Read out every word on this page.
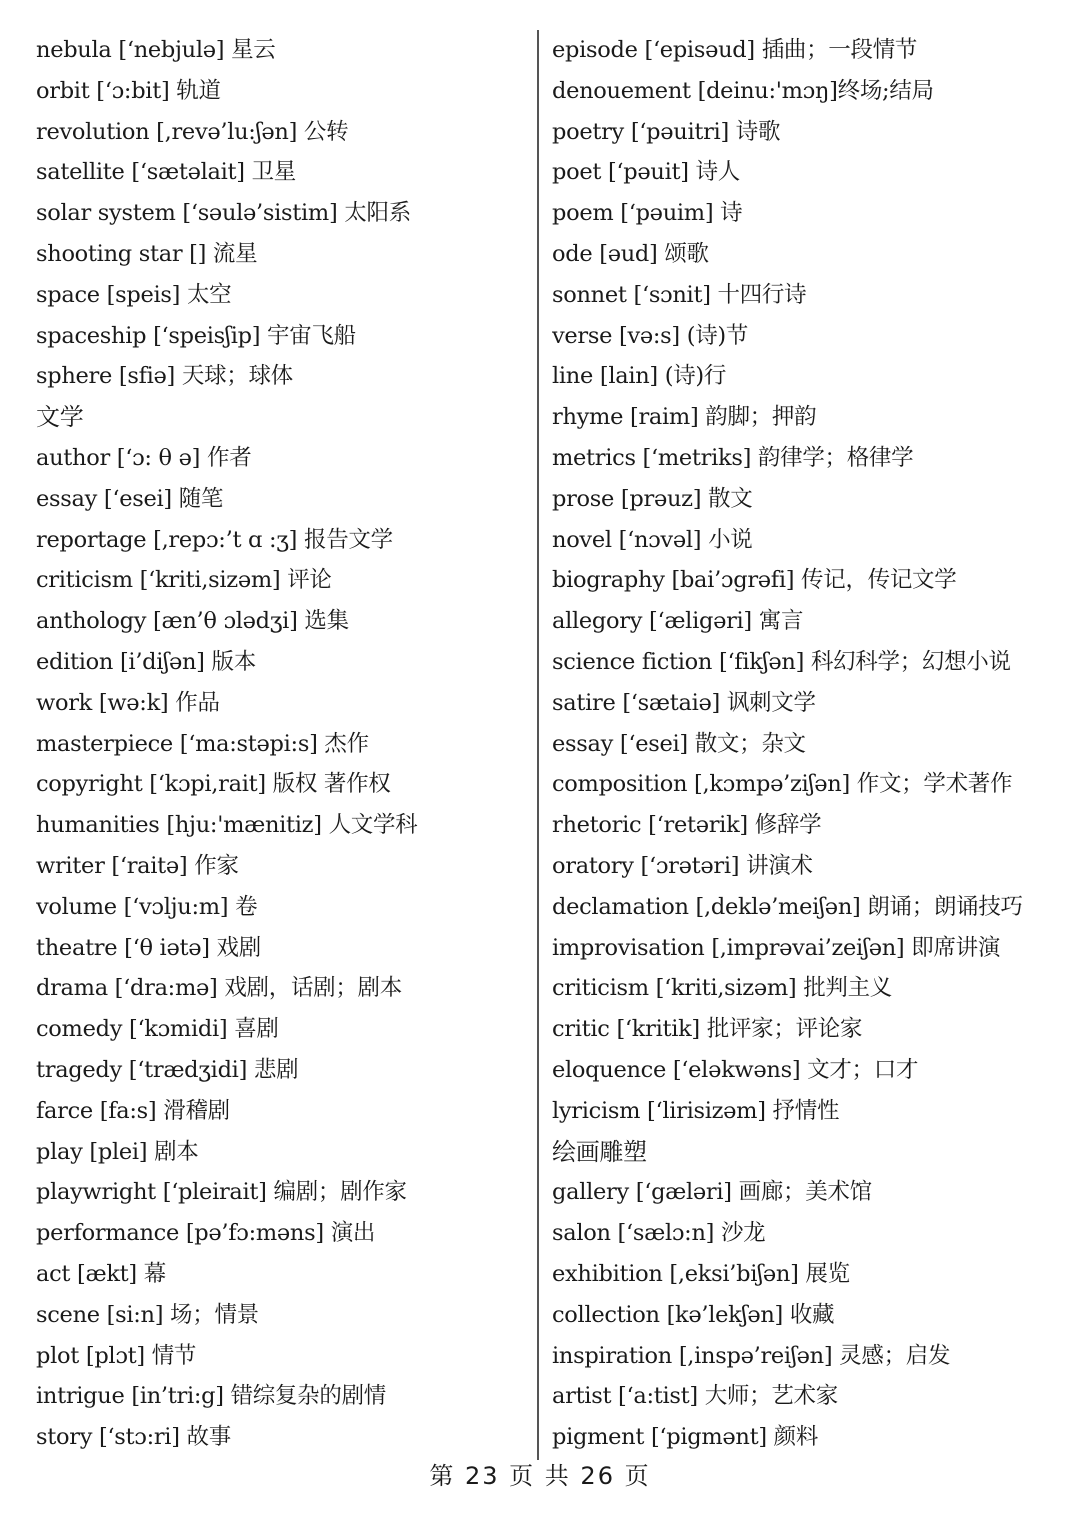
nebula [‘nebjulə] 星云
orbit [‘ɔ:bit] 轨道
revolution [,revə’lu:ʃən] 公转
satellite [‘sætəlait] 卫星
solar system [‘səulə’sistim] 太阳系
shooting star [] 流星
space [speis] 太空
spaceship [‘speisʃip] 宇宙飞船
sphere [sfiə] 天球；球体
文学
author [‘ɔ: θ ə] 作者
essay [‘esei] 随笔
reportage [,repɔ:’t ɑ :ʒ] 报告文学
criticism [‘kriti,sizəm] 评论
anthology [æn’θ ɔlədʒi] 选集
edition [i’diʃən] 版本
work [wə:k] 作品
masterpiece [‘ma:stəpi:s] 杰作
copyright [‘kɔpi,rait] 版权 著作权
humanities [hju:'mænitiz] 人文学科
writer [‘raitə] 作家
volume [‘vɔlju:m] 卷
theatre [‘θ iətə] 戏剧
drama [‘dra:mə] 戏剧，话剧；剧本
comedy [‘kɔmidi] 喜剧
tragedy [‘trædʒidi] 悲剧
farce [fa:s] 滑稽剧
play [plei] 剧本
playwright [‘pleirait] 编剧；剧作家
performance [pə’fɔ:məns] 演出
act [ækt] 幕
scene [si:n] 场；情景
plot [plɔt] 情节
intrigue [in’tri:g] 错综复杂的剧情
story [‘stɔ:ri] 故事
episode [‘episəud] 插曲；一段情节
denouement [deinu:'mɔŋ]终场;结局
poetry [‘pəuitri] 诗歌
poet [‘pəuit] 诗人
poem [‘pəuim] 诗
ode [əud] 颂歌
sonnet [‘sɔnit] 十四行诗
verse [və:s] (诗)节
line [lain] (诗)行
rhyme [raim] 韵脚；押韵
metrics [‘metriks] 韵律学；格律学
prose [prəuz] 散文
novel [‘nɔvəl] 小说
biography [bai’ɔgrəfi] 传记，传记文学
allegory [‘æligəri] 寓言
science fiction [‘fikʃən] 科幻科学；幻想小说
satire [‘sætaiə] 讽刺文学
essay [‘esei] 散文；杂文
composition [,kɔmpə’ziʃən] 作文；学术著作
rhetoric [‘retərik] 修辞学
oratory [‘ɔrətəri] 讲演术
declamation [,deklə’meiʃən] 朗诵；朗诵技巧
improvisation [,imprəvai’zeiʃən] 即席讲演
criticism [‘kriti,sizəm] 批判主义
critic [‘kritik] 批评家；评论家
eloquence [‘eləkwəns] 文才；口才
lyricism [‘lirisizəm] 抒情性
绘画雕塑
gallery [‘gæləri] 画廊；美术馆
salon [‘sælɔ:n] 沙龙
exhibition [,eksi’biʃən] 展览
collection [kə’lekʃən] 收藏
inspiration [,inspə’reiʃən] 灵感；启发
artist [‘a:tist] 大师；艺术家
pigment [‘pigmənt] 颜料
第 23 页 共 26 页
